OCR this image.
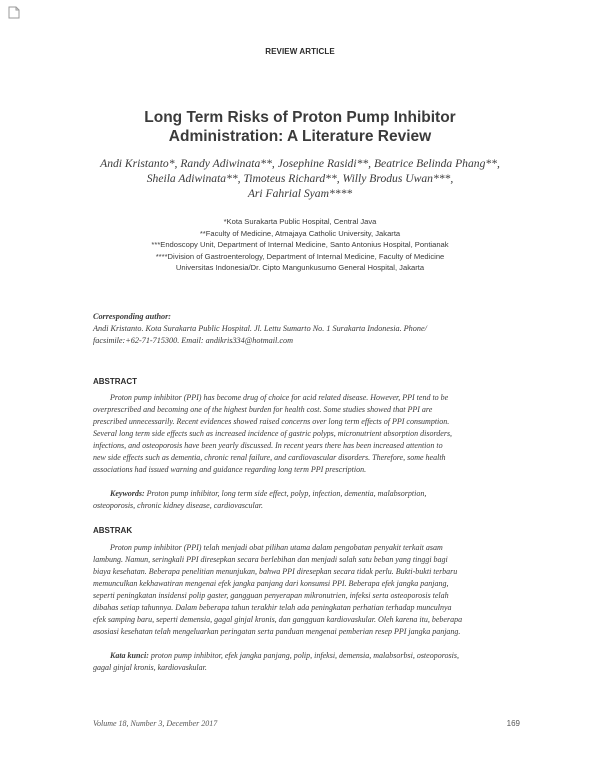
REVIEW ARTICLE
Long Term Risks of Proton Pump Inhibitor
Administration: A Literature Review
Andi Kristanto*, Randy Adiwinata**, Josephine Rasidi**, Beatrice Belinda Phang**,
Sheila Adiwinata**, Timoteus Richard**, Willy Brodus Uwan***,
Ari Fahrial Syam****
*Kota Surakarta Public Hospital, Central Java
**Faculty of Medicine, Atmajaya Catholic University, Jakarta
***Endoscopy Unit, Department of Internal Medicine, Santo Antonius Hospital, Pontianak
****Division of Gastroenterology, Department of Internal Medicine, Faculty of Medicine
Universitas Indonesia/Dr. Cipto Mangunkusumo General Hospital, Jakarta
Corresponding author:
Andi Kristanto. Kota Surakarta Public Hospital. Jl. Lettu Sumarto No. 1 Surakarta Indonesia. Phone/
facsimile:+62-71-715300. Email: andikris334@hotmail.com
ABSTRACT
Proton pump inhibitor (PPI) has become drug of choice for acid related disease. However, PPI tend to be
overprescribed and becoming one of the highest burden for health cost. Some studies showed that PPI are
prescribed unnecessarily. Recent evidences showed raised concerns over long term effects of PPI consumption.
Several long term side effects such as increased incidence of gastric polyps, micronutrient absorption disorders,
infections, and osteoporosis have been yearly discussed. In recent years there has been increased attention to
new side effects such as dementia, chronic renal failure, and cardiovascular disorders. Therefore, some health
associations had issued warning and guidance regarding long term PPI prescription.
Keywords: Proton pump inhibitor, long term side effect, polyp, infection, dementia, malabsorption,
osteoporosis, chronic kidney disease, cardiovascular.
ABSTRAK
Proton pump inhibitor (PPI) telah menjadi obat pilihan utama dalam pengobatan penyakit terkait asam
lambung. Namun, seringkali PPI diresepkan secara berlebihan dan menjadi salah satu beban yang tinggi bagi
biaya kesehatan. Beberapa penelitian menunjukan, bahwa PPI diresepkan secara tidak perlu. Bukti-bukti terbaru
memunculkan kekhawatiran mengenai efek jangka panjang dari konsumsi PPI. Beberapa efek jangka panjang,
seperti peningkatan insidensi polip gaster, gangguan penyerapan mikronutrien, infeksi serta osteoporosis telah
dibahas setiap tahunnya. Dalam beberapa tahun terakhir telah ada peningkatan perhatian terhadap munculnya
efek samping baru, seperti demensia, gagal ginjal kronis, dan gangguan kardiovaskular. Oleh karena itu, beberapa
asosiasi kesehatan telah mengeluarkan peringatan serta panduan mengenai pemberian resep PPI jangka panjang.
Kata kunci: proton pump inhibitor, efek jangka panjang, polip, infeksi, demensia, malabsorbsi, osteoporosis,
gagal ginjal kronis, kardiovaskular.
Volume 18, Number 3, December 2017	169
